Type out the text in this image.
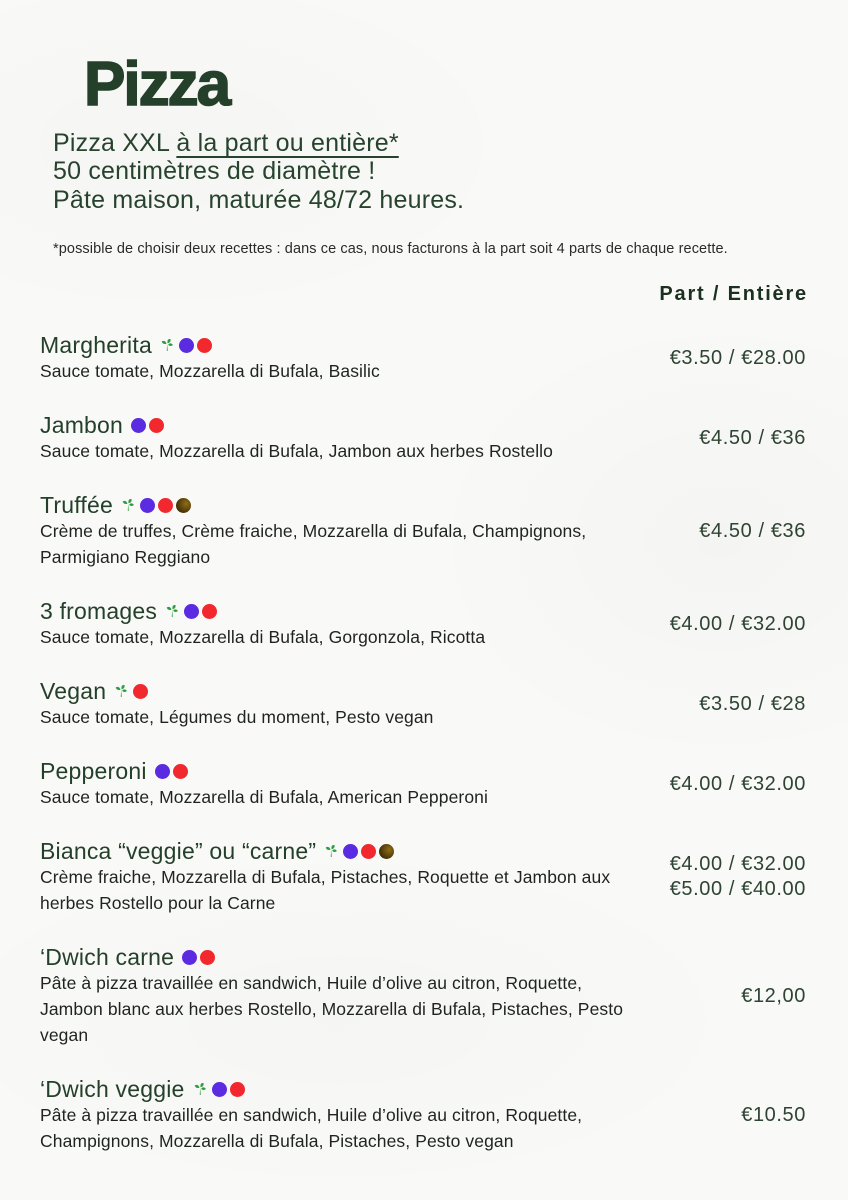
Pizza
Pizza XXL à la part ou entière*
50 centimètres de diamètre !
Pâte maison, maturée 48/72 heures.
*possible de choisir deux recettes : dans ce cas, nous facturons à la part soit 4 parts de chaque recette.
Part / Entière
Margherita
Sauce tomate, Mozzarella di Bufala, Basilic
€3.50 / €28.00
Jambon
Sauce tomate, Mozzarella di Bufala, Jambon aux herbes Rostello
€4.50 / €36
Truffée
Crème de truffes, Crème fraiche, Mozzarella di Bufala, Champignons, Parmigiano Reggiano
€4.50 / €36
3 fromages
Sauce tomate, Mozzarella di Bufala, Gorgonzola, Ricotta
€4.00 / €32.00
Vegan
Sauce tomate, Légumes du moment, Pesto vegan
€3.50 / €28
Pepperoni
Sauce tomate, Mozzarella di Bufala, American Pepperoni
€4.00 / €32.00
Bianca “veggie” ou “carne”
Crème fraiche, Mozzarella di Bufala, Pistaches, Roquette et Jambon aux herbes Rostello pour la Carne
€4.00 / €32.00
€5.00 / €40.00
‘Dwich carne
Pâte à pizza travaillée en sandwich, Huile d’olive au citron, Roquette, Jambon blanc aux herbes Rostello, Mozzarella di Bufala, Pistaches, Pesto vegan
€12,00
‘Dwich veggie
Pâte à pizza travaillée en sandwich, Huile d’olive au citron, Roquette, Champignons, Mozzarella di Bufala, Pistaches, Pesto vegan
€10.50
